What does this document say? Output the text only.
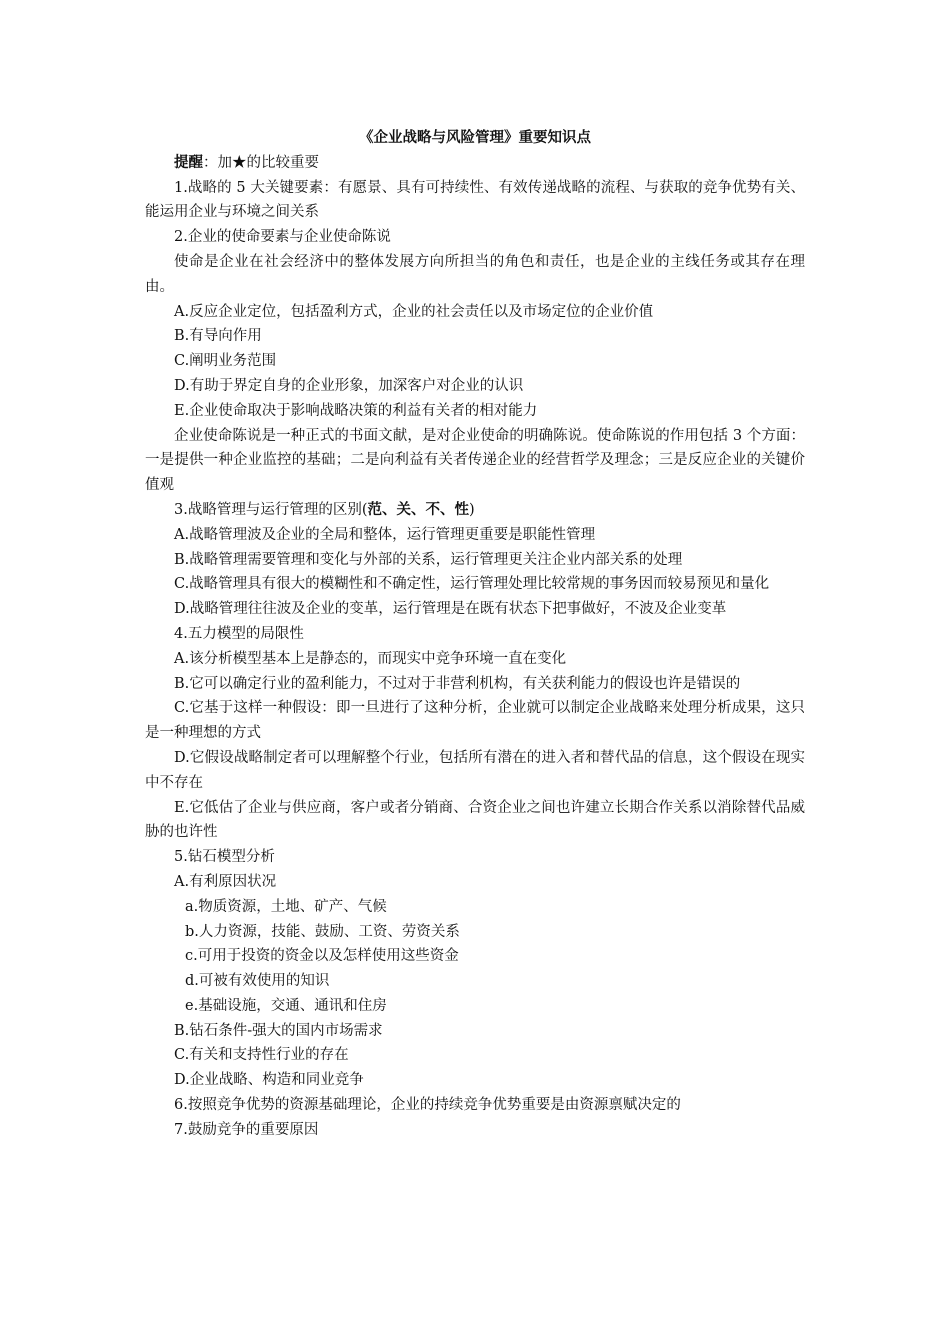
《企业战略与风险管理》重要知识点

提醒：加★的比较重要

1.战略的 5 大关键要素：有愿景、具有可持续性、有效传递战略的流程、与获取的竞争优势有关、能运用企业与环境之间关系

2.企业的使命要素与企业使命陈说

使命是企业在社会经济中的整体发展方向所担当的角色和责任，也是企业的主线任务或其存在理由。

A.反应企业定位，包括盈利方式，企业的社会责任以及市场定位的企业价值

B.有导向作用

C.阐明业务范围

D.有助于界定自身的企业形象，加深客户对企业的认识

E.企业使命取决于影响战略决策的利益有关者的相对能力

企业使命陈说是一种正式的书面文献，是对企业使命的明确陈说。使命陈说的作用包括 3 个方面：一是提供一种企业监控的基础；二是向利益有关者传递企业的经营哲学及理念；三是反应企业的关键价值观

3.战略管理与运行管理的区别(范、关、不、性)

A.战略管理波及企业的全局和整体，运行管理更重要是职能性管理

B.战略管理需要管理和变化与外部的关系，运行管理更关注企业内部关系的处理

C.战略管理具有很大的模糊性和不确定性，运行管理处理比较常规的事务因而较易预见和量化

D.战略管理往往波及企业的变革，运行管理是在既有状态下把事做好，不波及企业变革

4.五力模型的局限性

A.该分析模型基本上是静态的，而现实中竞争环境一直在变化

B.它可以确定行业的盈利能力，不过对于非营利机构，有关获利能力的假设也许是错误的

C.它基于这样一种假设：即一旦进行了这种分析，企业就可以制定企业战略来处理分析成果，这只是一种理想的方式

D.它假设战略制定者可以理解整个行业，包括所有潜在的进入者和替代品的信息，这个假设在现实中不存在

E.它低估了企业与供应商，客户或者分销商、合资企业之间也许建立长期合作关系以消除替代品威胁的也许性

5.钻石模型分析

A.有利原因状况

a.物质资源，土地、矿产、气候

b.人力资源，技能、鼓励、工资、劳资关系

c.可用于投资的资金以及怎样使用这些资金

d.可被有效使用的知识

e.基础设施，交通、通讯和住房

B.钻石条件-强大的国内市场需求

C.有关和支持性行业的存在

D.企业战略、构造和同业竞争

6.按照竞争优势的资源基础理论，企业的持续竞争优势重要是由资源禀赋决定的

7.鼓励竞争的重要原因
